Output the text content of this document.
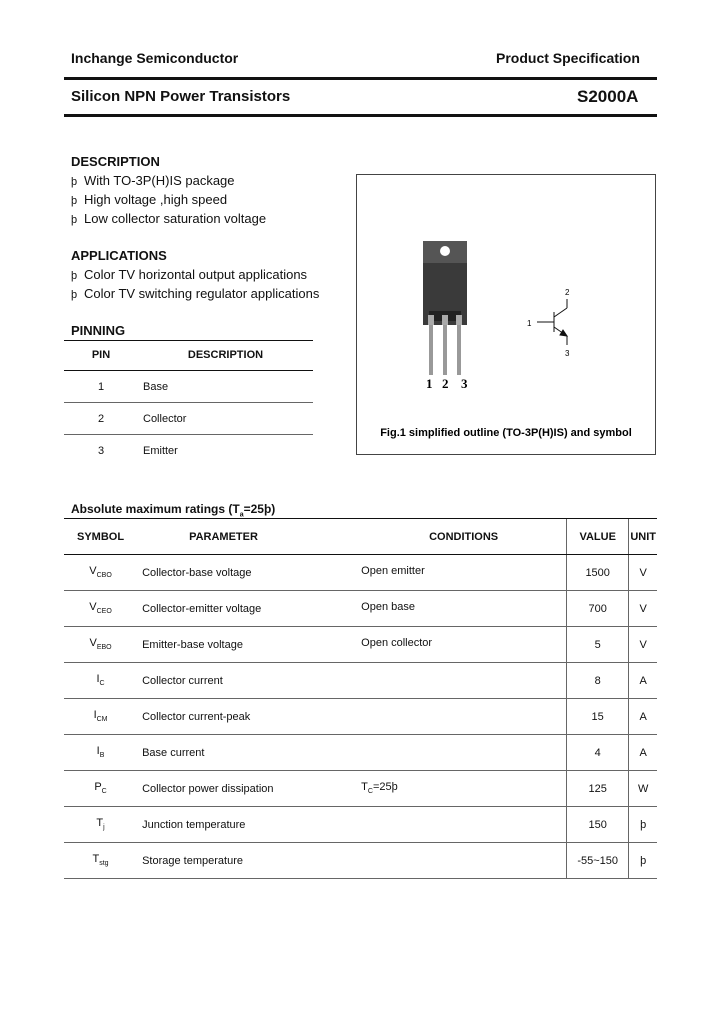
Inchange Semiconductor	Product Specification
Silicon NPN Power Transistors	S2000A
DESCRIPTION
þ With TO-3P(H)IS package
þ High voltage ,high speed
þ Low collector saturation voltage
APPLICATIONS
þ Color TV horizontal output applications
þ Color TV switching regulator applications
PINNING
PIN	DESCRIPTION
1	Base
2	Collector
3	Emitter
1 2 3
1
2
3
Fig.1 simplified outline (TO-3P(H)IS) and symbol
Absolute maximum ratings $(T_a=25þ)$
SYMBOL	PARAMETER	CONDITIONS	VALUE	UNIT
$V_{CBO}$	Collector-base voltage	Open emitter	1500	V
$V_{CEO}$	Collector-emitter voltage	Open base	700	V
$V_{EBO}$	Emitter-base voltage	Open collector	5	V
$I_C$	Collector current		8	A
$I_{CM}$	Collector current-peak		15	A
$I_B$	Base current		4	A
$P_C$	Collector power dissipation	$T_C=25þ$	125	W
$T_j$	Junction temperature		150	þ
$T_{stg}$	Storage temperature		-55~150	þ
